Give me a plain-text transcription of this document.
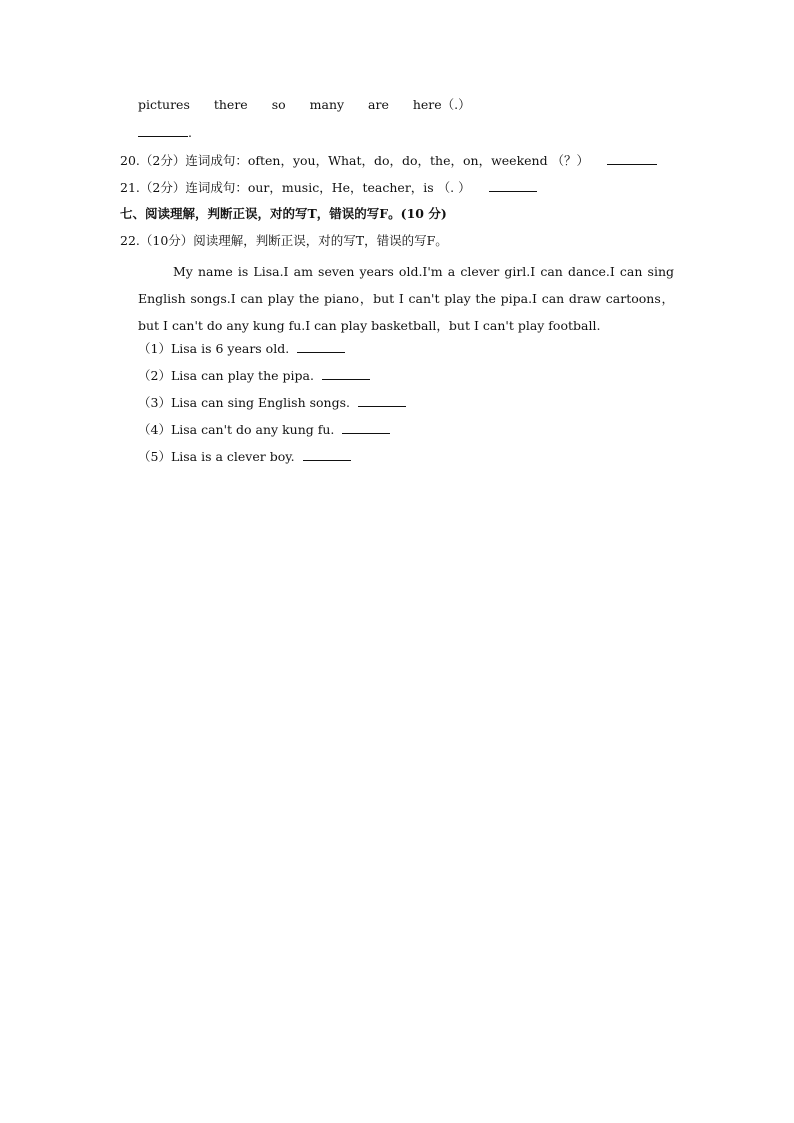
pictures there so many are here（.）
.
20.（2分）连词成句：often，you，What，do，do，the，on，weekend （？）
21.（2分）连词成句：our，music，He，teacher，is （. ）
七、阅读理解，判断正误，对的写T，错误的写F。(10 分)
22.（10分）阅读理解，判断正误，对的写T，错误的写F。
My name is Lisa.I am seven years old.I'm a clever girl.I can dance.I can sing English songs.I can play the piano，but I can't play the pipa.I can draw cartoons，but I can't do any kung fu.I can play basketball，but I can't play football.
（1）Lisa is 6 years old.
（2）Lisa can play the pipa.
（3）Lisa can sing English songs.
（4）Lisa can't do any kung fu.
（5）Lisa is a clever boy.
